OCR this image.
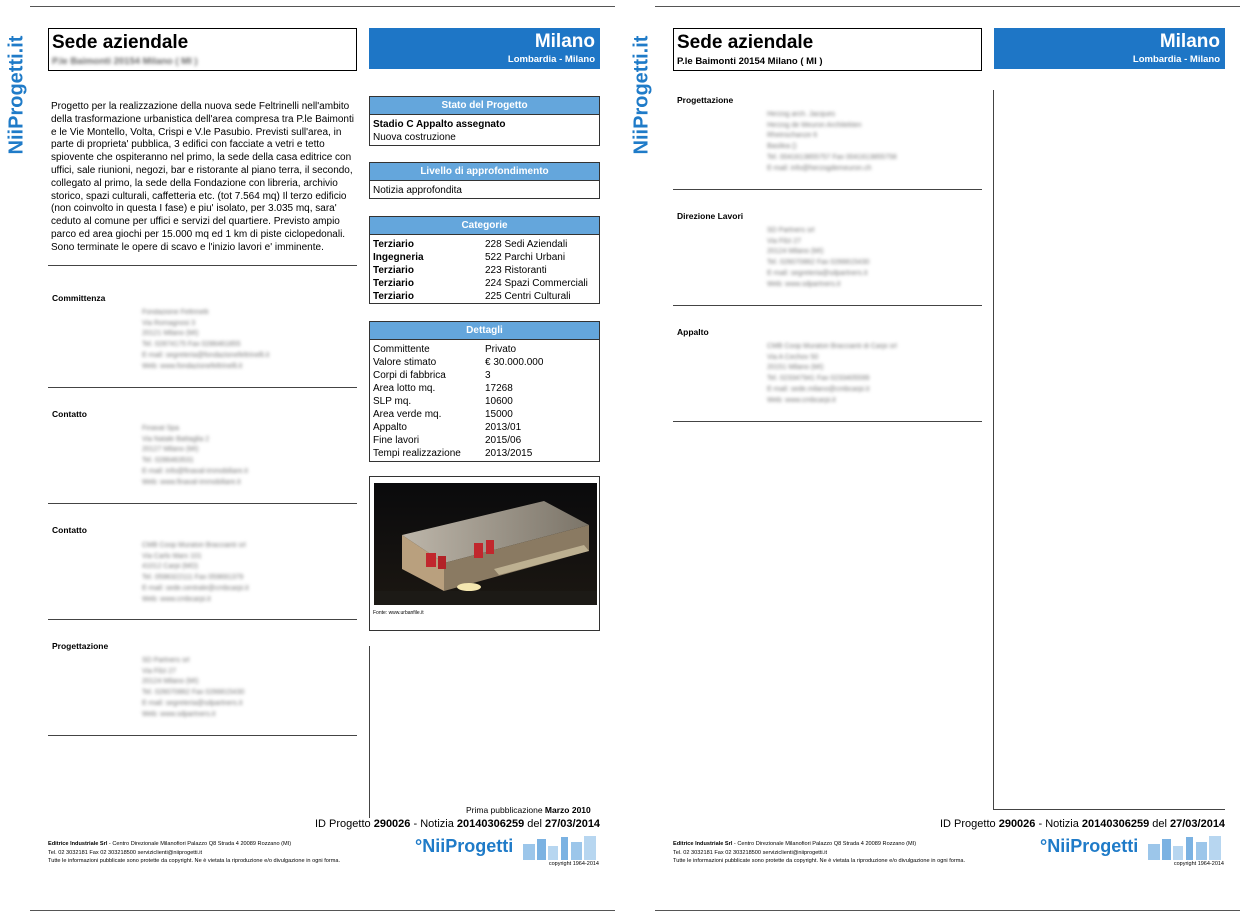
NiiProgetti.it Sede aziendale
P.le Baimonti 20154 Milano ( MI )
Milano
Lombardia - Milano
Progetto per la realizzazione della nuova sede Feltrinelli nell'ambito della trasformazione urbanistica dell'area compresa tra P.le Baimonti e le Vie Montello, Volta, Crispi e V.le Pasubio. Previsti sull'area, in parte di proprieta' pubblica, 3 edifici con facciate a vetri e tetto spiovente che ospiteranno nel primo, la sede della casa editrice con uffici, sale riunioni, negozi, bar e ristorante al piano terra, il secondo, collegato al primo, la sede della Fondazione con libreria, archivio storico, spazi culturali, caffetteria etc. (tot 7.564 mq) Il terzo edificio (non coinvolto in questa I fase) e piu' isolato, per 3.035 mq, sara' ceduto al comune per uffici e servizi del quartiere. Previsto ampio parco ed area giochi per 15.000 mq ed 1 km di piste ciclopedonali. Sono terminate le opere di scavo e l'inizio lavori e' imminente.
Committenza
Fondazione Feltrinelli
Via Romagnosi 3
20121 Milano (MI)
Tel. 02874175 Fax 0286461855
E-mail: segreteria@fondazionefeltrinelli.it
Web: www.fondazionefeltrinelli.it
Contatto
Finaval Spa
Via Natale Battaglia 2
20127 Milano (MI)
Tel. 0286463531
E-mail: info@finaval-immobiliare.it
Web: www.finaval-immobiliare.it
Contatto
CMB Coop Muratori Braccianti srl
Via Carlo Marx 101
41012 Carpi (MO)
Tel. 0596322111 Fax 059691379
E-mail: sede.centrale@cmbcarpi.it
Web: www.cmbcarpi.it
Progettazione
SD Partners srl
Via Filzi 27
20124 Milano (MI)
Tel. 026070862 Fax 0266615430
E-mail: segreteria@sdpartners.it
Web: www.sdpartners.it
Stato del Progetto
Stadio C Appalto assegnato
Nuova costruzione
Livello di approfondimento
Notizia approfondita
Categorie
Terziario	228 Sedi Aziendali
Ingegneria	522 Parchi Urbani
Terziario	223 Ristoranti
Terziario	224 Spazi Commerciali
Terziario	225 Centri Culturali
Dettagli
Committente	Privato
Valore stimato	€ 30.000.000
Corpi di fabbrica	3
Area lotto mq.	17268
SLP mq.	10600
Area verde mq.	15000
Appalto	2013/01
Fine lavori	2015/06
Tempi realizzazione	2013/2015
Fonte: www.urbanfile.it
Prima pubblicazione Marzo 2010
ID Progetto 290026 - Notizia 20140306259 del 27/03/2014
Editrice Industriale Srl - Centro Direzionale Milanofiori Palazzo Q8 Strada 4 20089 Rozzano (MI)
Tel. 02 3032181 Fax 02 303218500 serviziclienti@niiprogetti.it
Tutte le informazioni pubblicate sono protette da copyright. Ne è vietata la riproduzione e/o divulgazione in ogni forma.
°NiiProgetti
copyright 1964-2014
NiiProgetti.it Sede aziendale
P.le Baimonti 20154 Milano ( MI )
Milano
Lombardia - Milano
Progettazione
Herzog arch. Jacques
Herzog de Meuron Architekten
Rheinschanze 6
Basilea ()
Tel. 0041613855757 Fax 0041613855758
E-mail: info@herzogdemeuron.ch
Direzione Lavori
SD Partners srl
Via Filzi 27
20124 Milano (MI)
Tel. 026070862 Fax 0266615430
E-mail: segreteria@sdpartners.it
Web: www.sdpartners.it
Appalto
CMB Coop Muratori Braccianti di Carpi srl
Via A Cechov 50
20151 Milano (MI)
Tel. 023347941 Fax 0233405599
E-mail: sede.milano@cmbcarpi.it
Web: www.cmbcarpi.it
ID Progetto 290026 - Notizia 20140306259 del 27/03/2014
Editrice Industriale Srl - Centro Direzionale Milanofiori Palazzo Q8 Strada 4 20089 Rozzano (MI)
Tel. 02 3032181 Fax 02 303218500 serviziclienti@niiprogetti.it
Tutte le informazioni pubblicate sono protette da copyright. Ne è vietata la riproduzione e/o divulgazione in ogni forma.
°NiiProgetti
copyright 1964-2014
